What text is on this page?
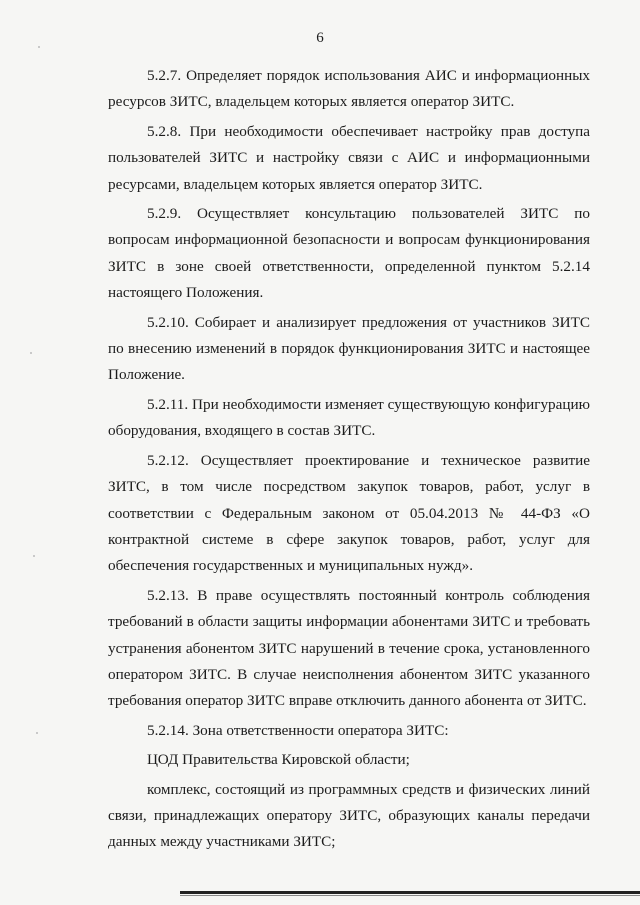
6

5.2.7. Определяет порядок использования АИС и информационных ресурсов ЗИТС, владельцем которых является оператор ЗИТС.

5.2.8. При необходимости обеспечивает настройку прав доступа пользователей ЗИТС и настройку связи с АИС и информационными ресурсами, владельцем которых является оператор ЗИТС.

5.2.9. Осуществляет консультацию пользователей ЗИТС по вопросам информационной безопасности и вопросам функционирования ЗИТС в зоне своей ответственности, определенной пунктом 5.2.14 настоящего Положения.

5.2.10. Собирает и анализирует предложения от участников ЗИТС по внесению изменений в порядок функционирования ЗИТС и настоящее Положение.

5.2.11. При необходимости изменяет существующую конфигурацию оборудования, входящего в состав ЗИТС.

5.2.12. Осуществляет проектирование и техническое развитие ЗИТС, в том числе посредством закупок товаров, работ, услуг в соответствии с Федеральным законом от 05.04.2013 № 44-ФЗ «О контрактной системе в сфере закупок товаров, работ, услуг для обеспечения государственных и муниципальных нужд».

5.2.13. В праве осуществлять постоянный контроль соблюдения требований в области защиты информации абонентами ЗИТС и требовать устранения абонентом ЗИТС нарушений в течение срока, установленного оператором ЗИТС. В случае неисполнения абонентом ЗИТС указанного требования оператор ЗИТС вправе отключить данного абонента от ЗИТС.

5.2.14. Зона ответственности оператора ЗИТС:

ЦОД Правительства Кировской области;

комплекс, состоящий из программных средств и физических линий связи, принадлежащих оператору ЗИТС, образующих каналы передачи данных между участниками ЗИТС;
